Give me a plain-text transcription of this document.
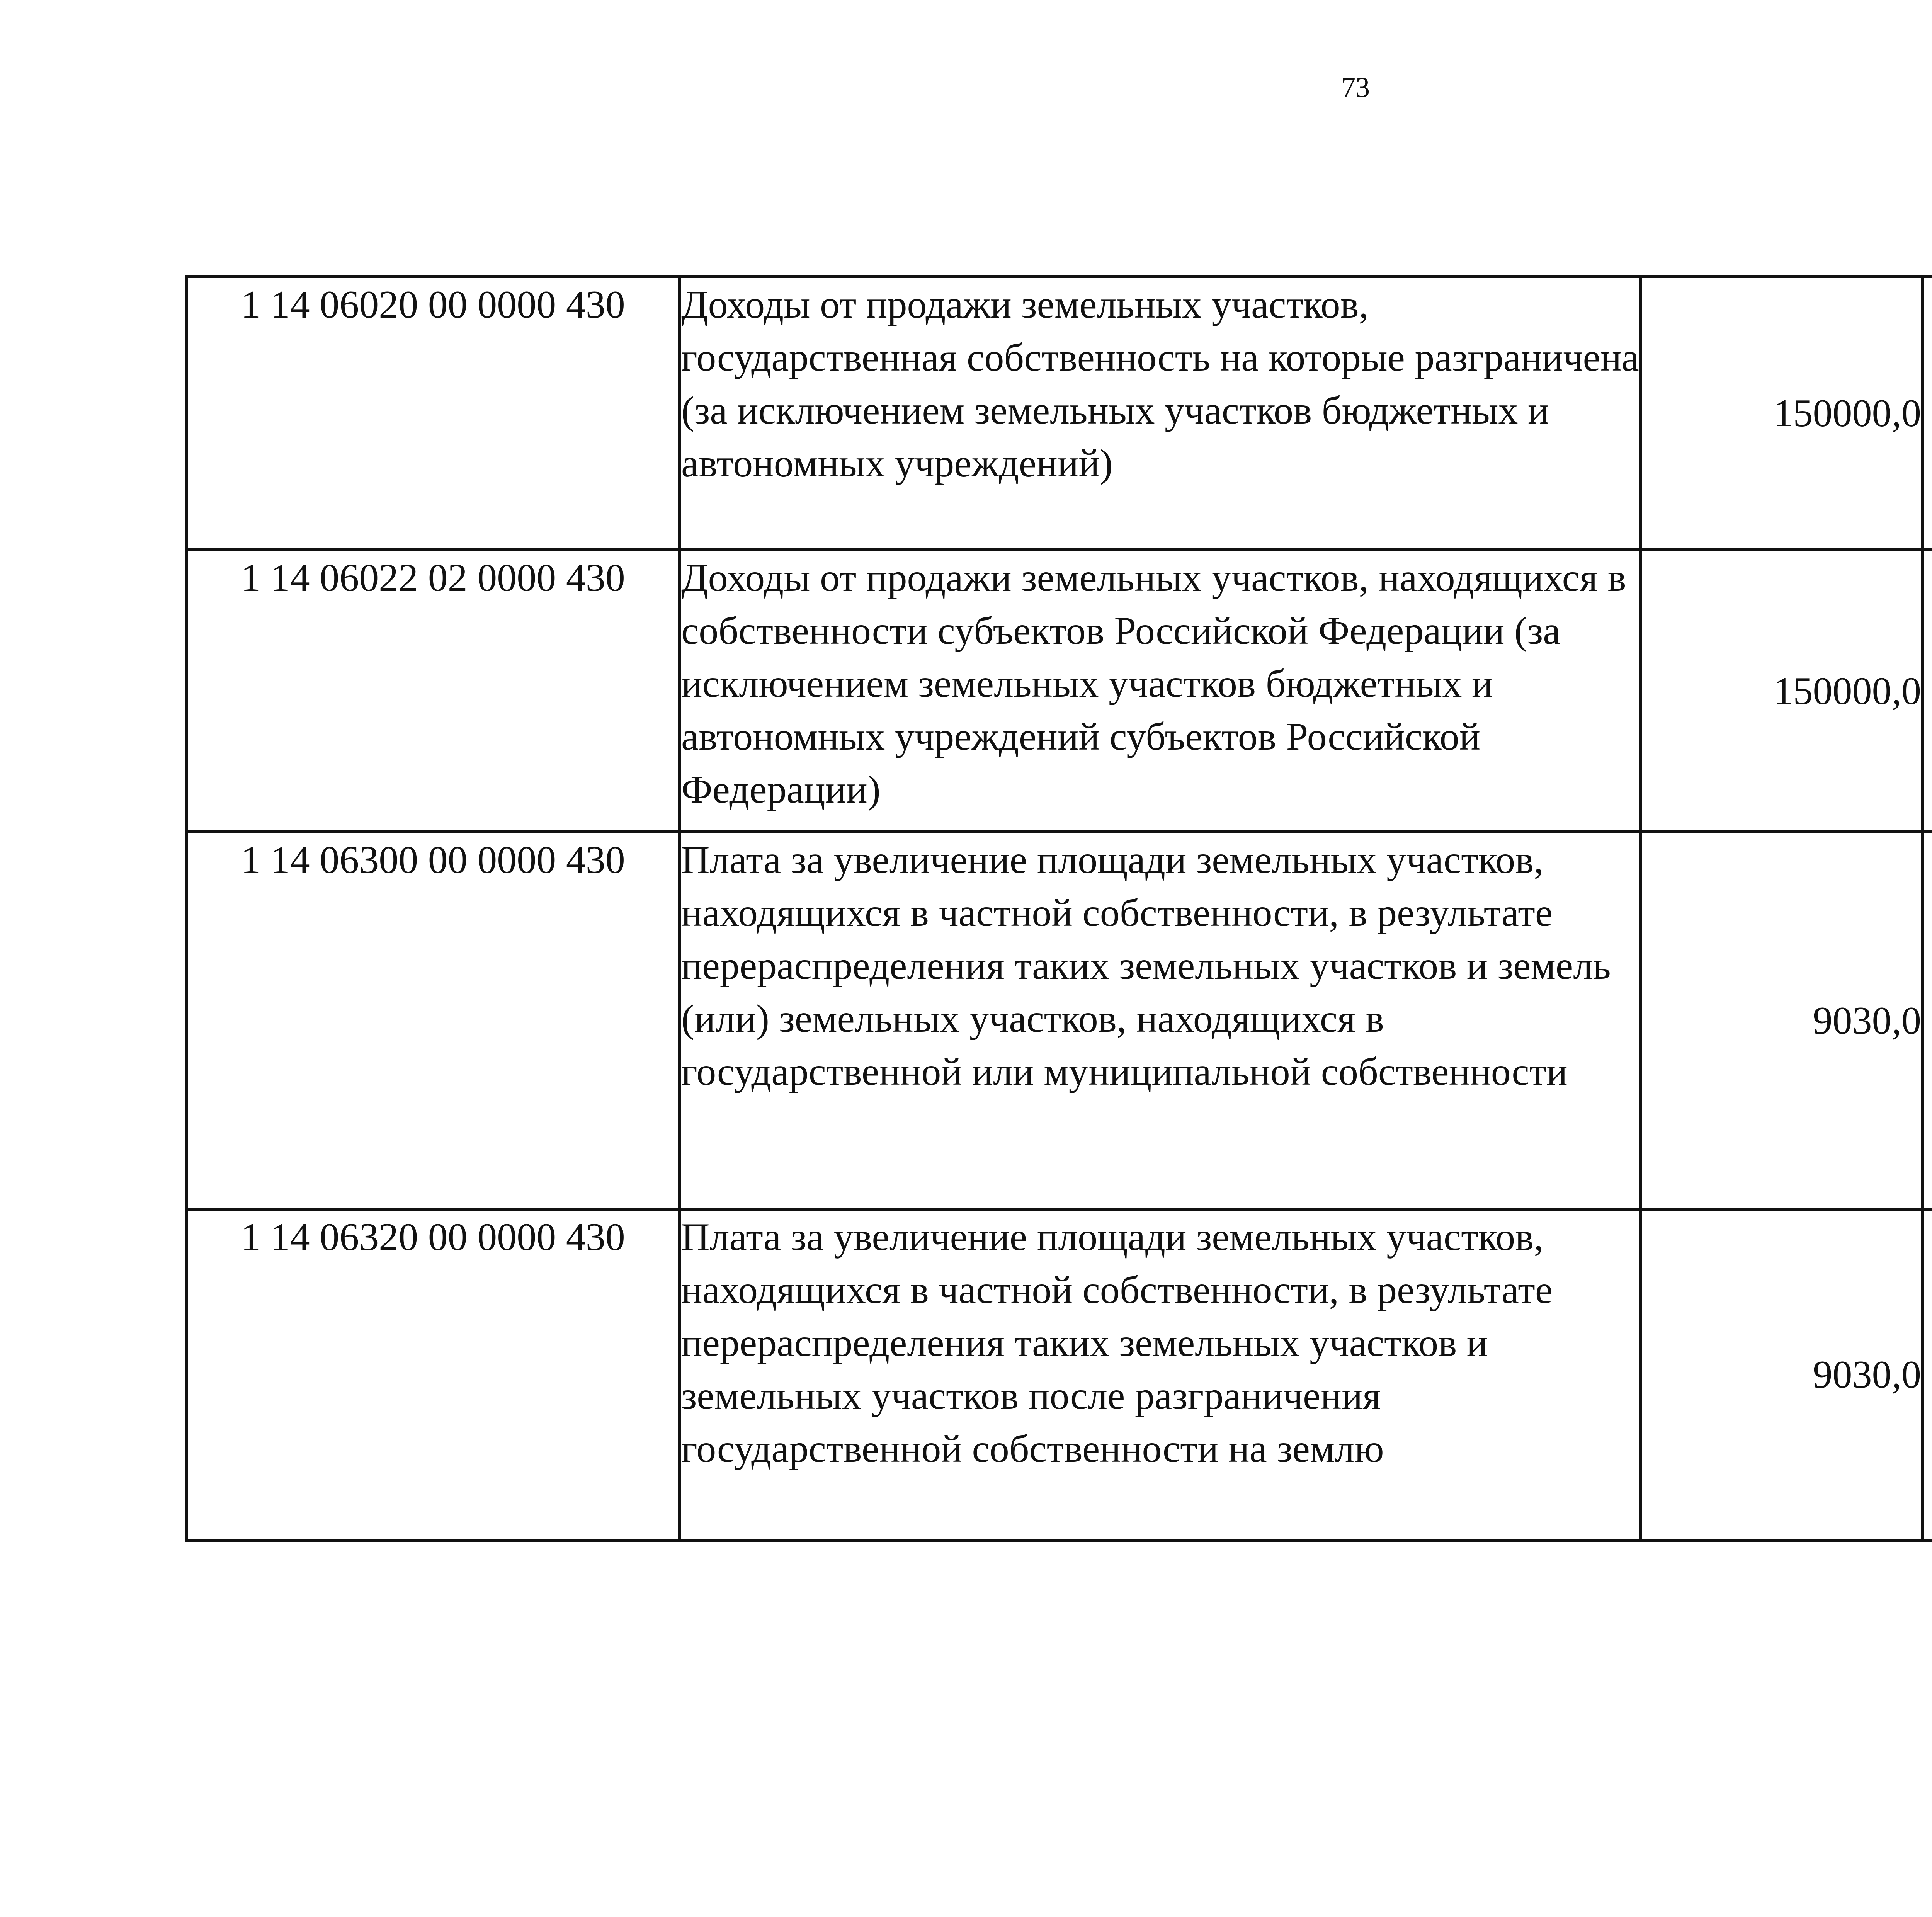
73
1 14 06020 00 0000 430	Доходы от продажи земельных участков, государственная собственность на которые разграничена (за исключением земельных участков бюджетных и автономных учреждений)	150000,0		
1 14 06022 02 0000 430	Доходы от продажи земельных участков, находящихся в собственности субъектов Российской Федерации (за исключением земельных участков бюджетных и автономных учреждений субъектов Российской Федерации)	150000,0		
1 14 06300 00 0000 430	Плата за увеличение площади земельных участков, находящихся в частной собственности, в результате перераспределения таких земельных участков и земель (или) земельных участков, находящихся в государственной или муниципальной собственности	9030,0		
1 14 06320 00 0000 430	Плата за увеличение площади земельных участков, находящихся в частной собственности, в результате перераспределения таких земельных участков и земельных участков после разграничения государственной собственности на землю	9030,0		
